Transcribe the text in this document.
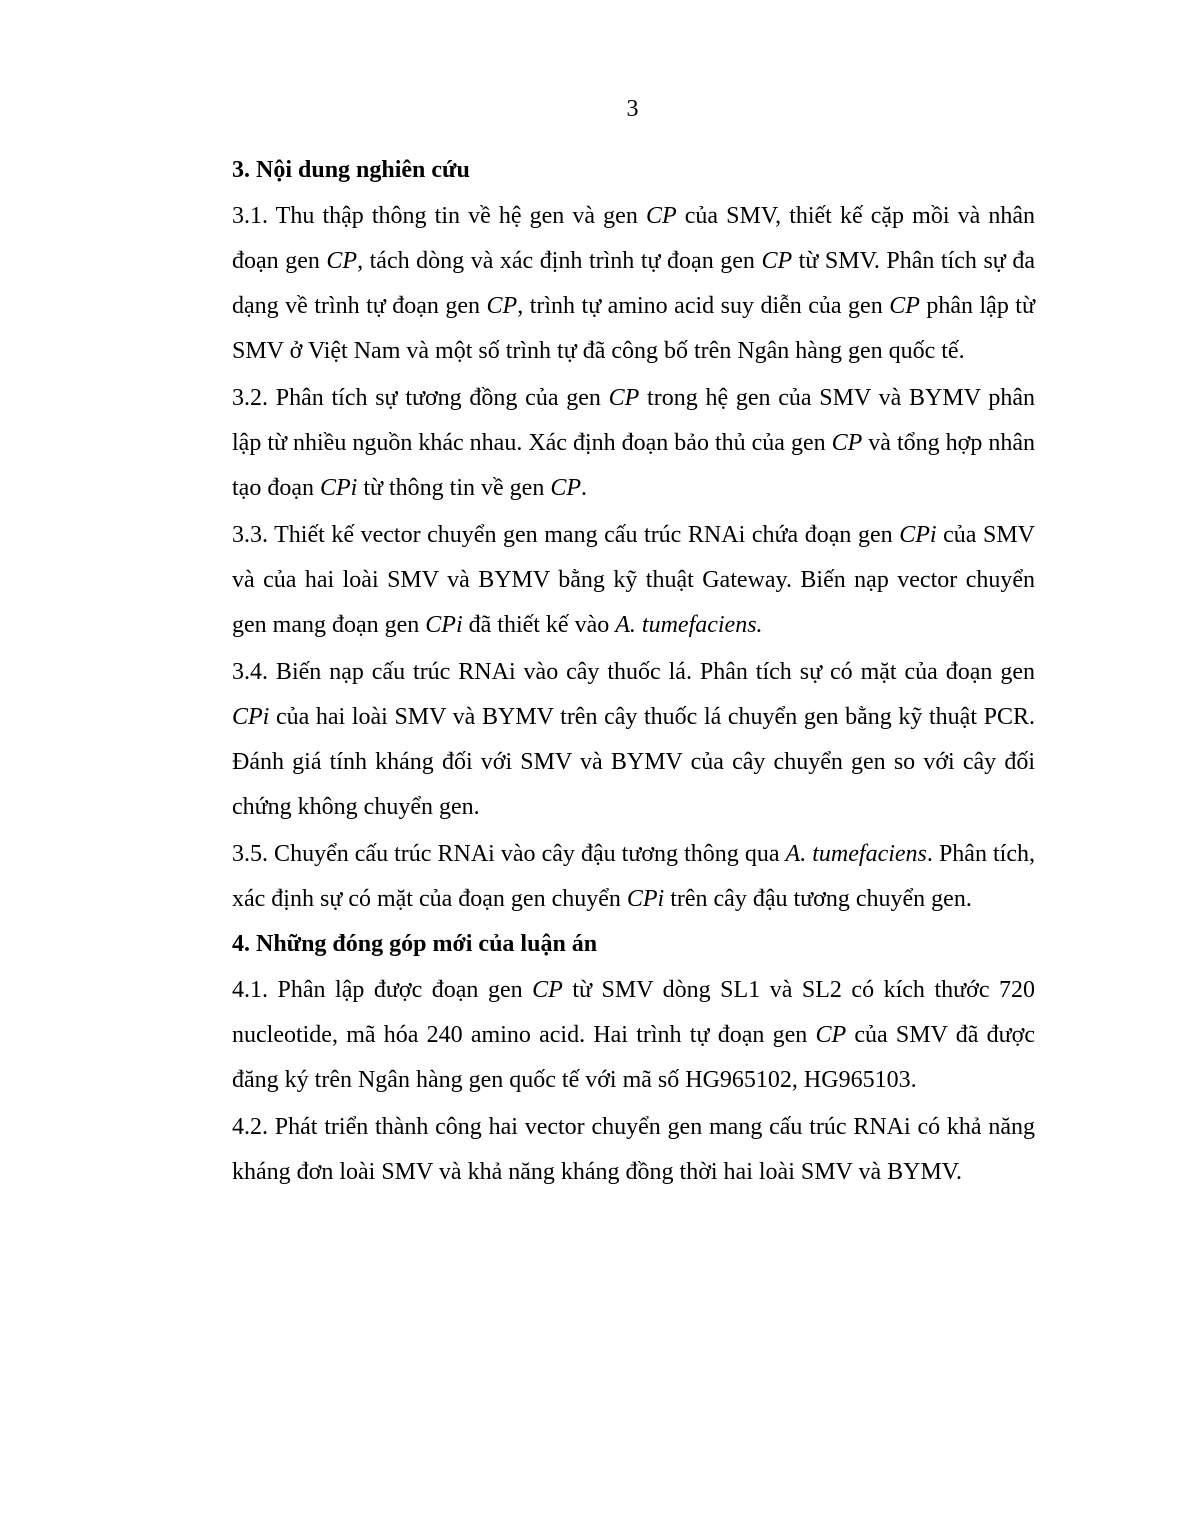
3
3. Nội dung nghiên cứu
3.1. Thu thập thông tin về hệ gen và gen CP của SMV, thiết kế cặp mồi và nhân đoạn gen CP, tách dòng và xác định trình tự đoạn gen CP từ SMV. Phân tích sự đa dạng về trình tự đoạn gen CP, trình tự amino acid suy diễn của gen CP phân lập từ SMV ở Việt Nam và một số trình tự đã công bố trên Ngân hàng gen quốc tế.
3.2. Phân tích sự tương đồng của gen CP trong hệ gen của SMV và BYMV phân lập từ nhiều nguồn khác nhau. Xác định đoạn bảo thủ của gen CP và tổng hợp nhân tạo đoạn CPi từ thông tin về gen CP.
3.3. Thiết kế vector chuyển gen mang cấu trúc RNAi chứa đoạn gen CPi của SMV và của hai loài SMV và BYMV bằng kỹ thuật Gateway. Biến nạp vector chuyển gen mang đoạn gen CPi đã thiết kế vào A. tumefaciens.
3.4. Biến nạp cấu trúc RNAi vào cây thuốc lá. Phân tích sự có mặt của đoạn gen CPi của hai loài SMV và BYMV trên cây thuốc lá chuyển gen bằng kỹ thuật PCR. Đánh giá tính kháng đối với SMV và BYMV của cây chuyển gen so với cây đối chứng không chuyển gen.
3.5. Chuyển cấu trúc RNAi vào cây đậu tương thông qua A. tumefaciens. Phân tích, xác định sự có mặt của đoạn gen chuyển CPi trên cây đậu tương chuyển gen.
4. Những đóng góp mới của luận án
4.1. Phân lập được đoạn gen CP từ SMV dòng SL1 và SL2 có kích thước 720 nucleotide, mã hóa 240 amino acid. Hai trình tự đoạn gen CP của SMV đã được đăng ký trên Ngân hàng gen quốc tế với mã số HG965102, HG965103.
4.2. Phát triển thành công hai vector chuyển gen mang cấu trúc RNAi có khả năng kháng đơn loài SMV và khả năng kháng đồng thời hai loài SMV và BYMV.
